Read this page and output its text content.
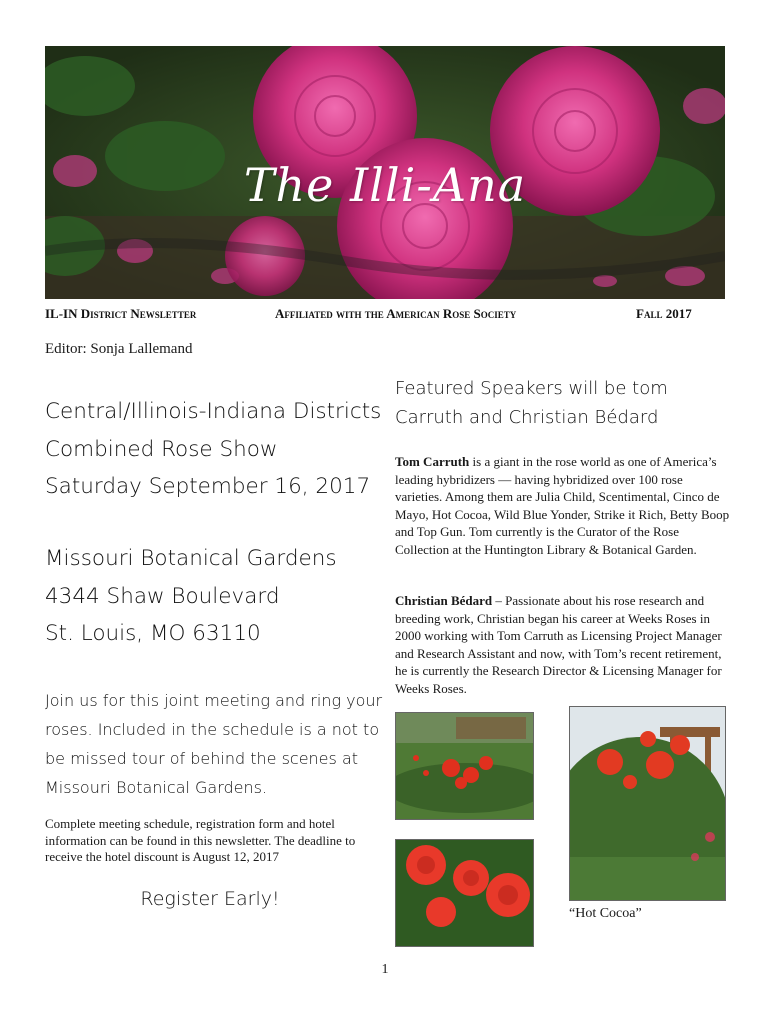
The Illi-Ana
IL-IN District Newsletter	Affiliated with the American Rose Society	Fall 2017
Editor: Sonja Lallemand
Central/Illinois-Indiana Districts
Combined Rose Show
Saturday September 16, 2017
Missouri Botanical Gardens
4344 Shaw Boulevard
St. Louis, MO 63110
Join us for this joint meeting and ring your roses. Included in the schedule is a not to be missed tour of behind the scenes at Missouri Botanical Gardens.
Complete meeting schedule, registration form and hotel information can be found in this newsletter. The deadline to receive the hotel discount is August 12, 2017
Register Early!
Featured Speakers will be tom Carruth and Christian Bédard
Tom Carruth is a giant in the rose world as one of America’s leading hybridizers — having hybridized over 100 rose varieties. Among them are Julia Child, Scentimental, Cinco de Mayo, Hot Cocoa, Wild Blue Yonder, Strike it Rich, Betty Boop and Top Gun. Tom currently is the Curator of the Rose Collection at the Huntington Library & Botanical Garden.
Christian Bédard – Passionate about his rose research and breeding work, Christian began his career at Weeks Roses in 2000 working with Tom Carruth as Licensing Project Manager and Research Assistant and now, with Tom’s recent retirement, he is currently the Research Director & Licensing Manager for Weeks Roses.
“Hot Cocoa”
1
